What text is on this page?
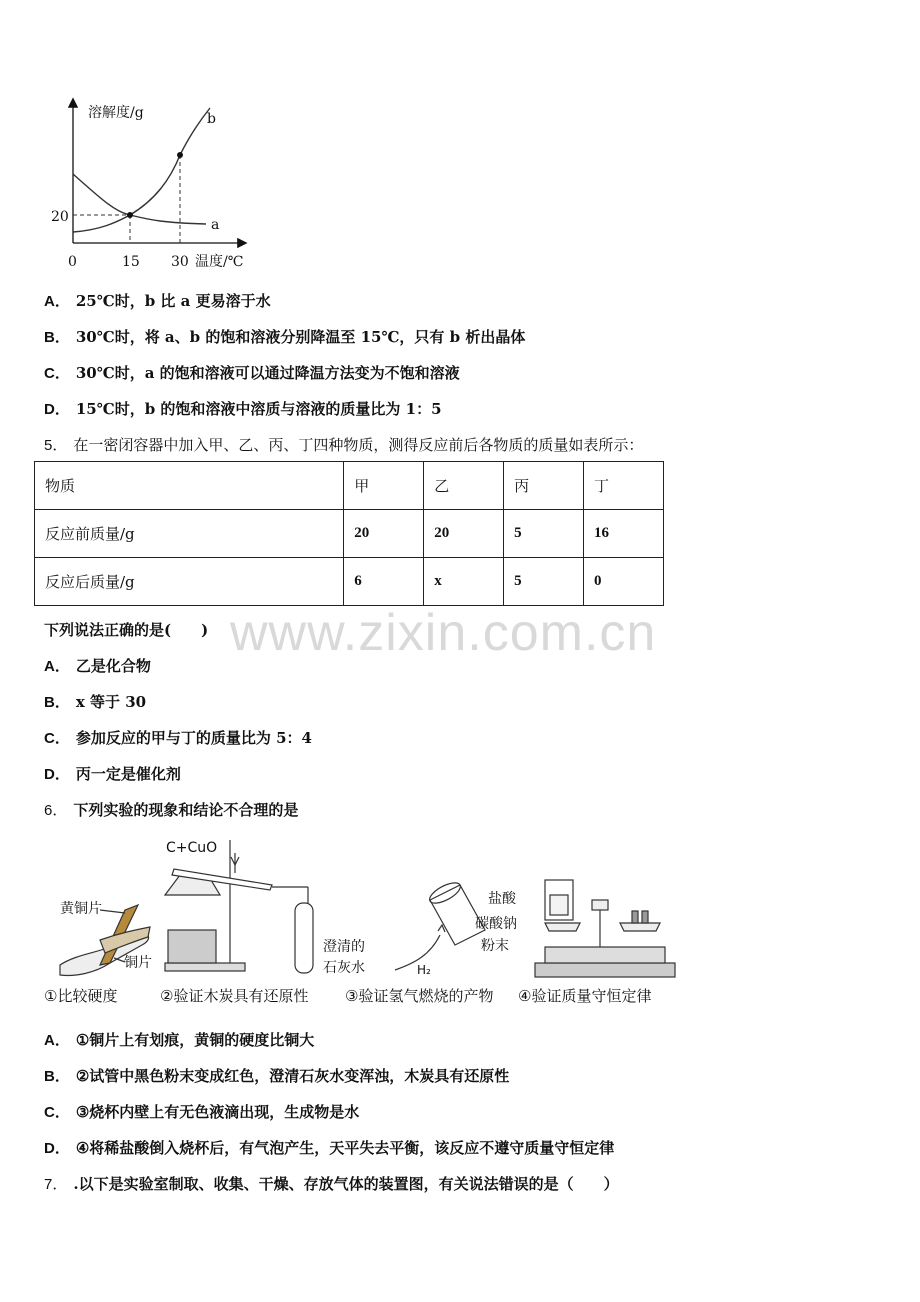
溶解度/g
温度/℃
0	15 30
20	a
b
A． 25℃时，b 比 a 更易溶于水
B． 30℃时，将 a、b 的饱和溶液分别降温至 15℃，只有 b 析出晶体
C． 30℃时，a 的饱和溶液可以通过降温方法变为不饱和溶液
D． 15℃时，b 的饱和溶液中溶质与溶液的质量比为 1：5
5． 在一密闭容器中加入甲、乙、丙、丁四种物质，测得反应前后各物质的质量如表所示：
物质	甲	乙	丙	丁
反应前质量/g	20	20	5	16
反应后质量/g	6	x	5	0
www.zixin.com.cn
下列说法正确的是(　　)
A． 乙是化合物
B． x 等于 30
C． 参加反应的甲与丁的质量比为 5：4
D． 丙一定是催化剂
6． 下列实验的现象和结论不合理的是
黄铜片
铜片
C+CuO
澄清的
石灰水	H₂
盐酸
碳酸钠
粉末
①比较硬度	②验证木炭具有还原性 ③验证氢气燃烧的产物 ④验证质量守恒定律
A． ①铜片上有划痕，黄铜的硬度比铜大
B． ②试管中黑色粉末变成红色，澄清石灰水变浑浊，木炭具有还原性
C． ③烧杯内壁上有无色液滴出现，生成物是水
D． ④将稀盐酸倒入烧杯后，有气泡产生，天平失去平衡，该反应不遵守质量守恒定律
7． .以下是实验室制取、收集、干燥、存放气体的装置图，有关说法错误的是（　　）
